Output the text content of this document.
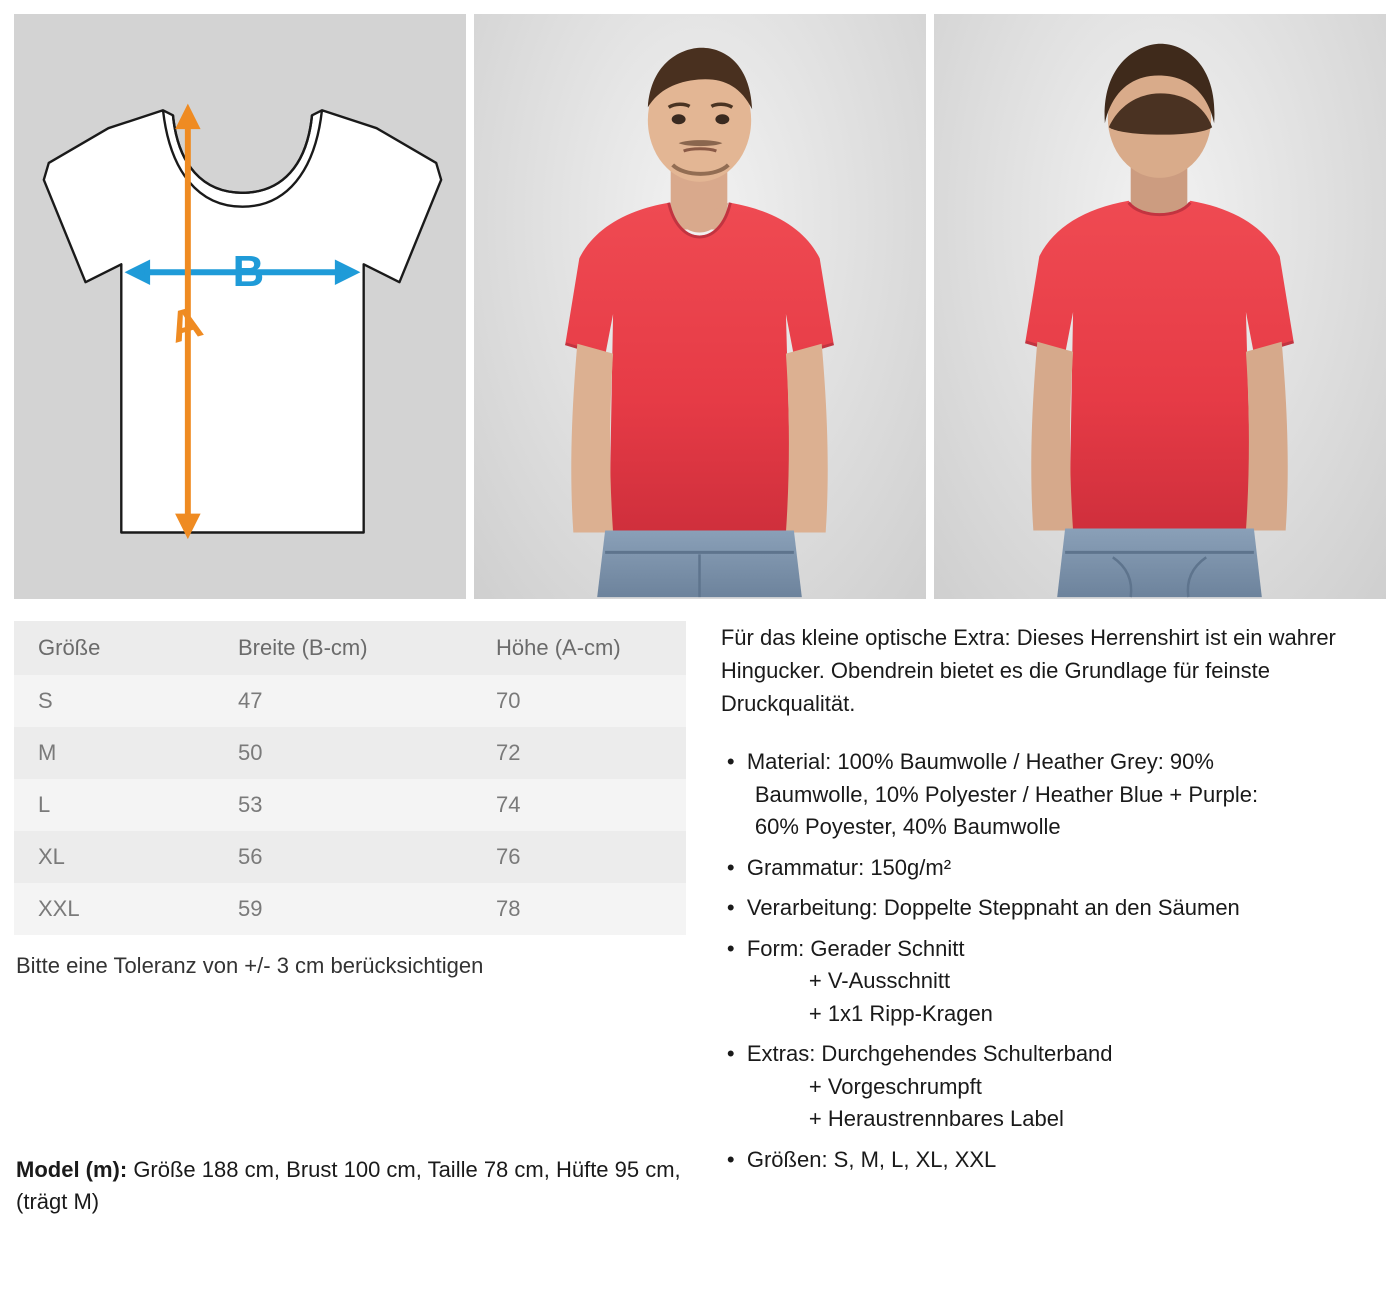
B
A
Größe	Breite (B-cm)	Höhe (A-cm)
S	47	70
M	50	72
L	53	74
XL	56	76
XXL	59	78
Bitte eine Toleranz von +/- 3 cm berücksichtigen
Model (m): Größe 188 cm, Brust 100 cm, Taille 78 cm, Hüfte 95 cm, (trägt M)

Für das kleine optische Extra: Dieses Herrenshirt ist ein wahrer Hingucker. Obendrein bietet es die Grundlage für feinste Druckqualität.

• Material: 100% Baumwolle / Heather Grey: 90%
Baumwolle, 10% Polyester / Heather Blue + Purple:
60% Poyester, 40% Baumwolle
• Grammatur: 150g/m²
• Verarbeitung: Doppelte Steppnaht an den Säumen
• Form: Gerader Schnitt
+ V-Ausschnitt
+ 1x1 Ripp-Kragen
• Extras: Durchgehendes Schulterband
+ Vorgeschrumpft
+ Heraustrennbares Label
• Größen: S, M, L, XL, XXL
